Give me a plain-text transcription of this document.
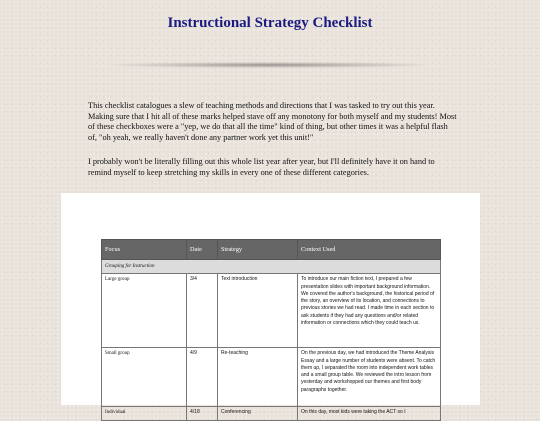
Instructional Strategy Checklist

This checklist catalogues a slew of teaching methods and directions that I was tasked to try out this year. Making sure that I hit all of these marks helped stave off any monotony for both myself and my students! Most of these checkboxes were a "yep, we do that all the time" kind of thing, but other times it was a helpful flash of, "oh yeah, we really haven't done any partner work yet this unit!"

I probably won't be literally filling out this whole list year after year, but I'll definitely have it on hand to remind myself to keep stretching my skills in every one of these different categories.

Focus	Date	Strategy	Context Used
Grouping for Instruction			
Large group	3/4	Text introduction	To introduce our main fiction text, I prepared a few presentation slides with important background information. We covered the author's background, the historical period of the story, an overview of its location, and connections to previous stories we had read. I made time in each section to ask students if they had any questions and/or related information or connections which they could teach us.
Small group	4/9	Re-teaching	On the previous day, we had introduced the Theme Analysis Essay and a large number of students were absent. To catch them up, I separated the room into independent work tables and a small group table. We reviewed the intro lesson from yesterday and workshopped our themes and first body paragraphs together.
Individual	4/18	Conferencing	On this day, most kids were taking the ACT so I
